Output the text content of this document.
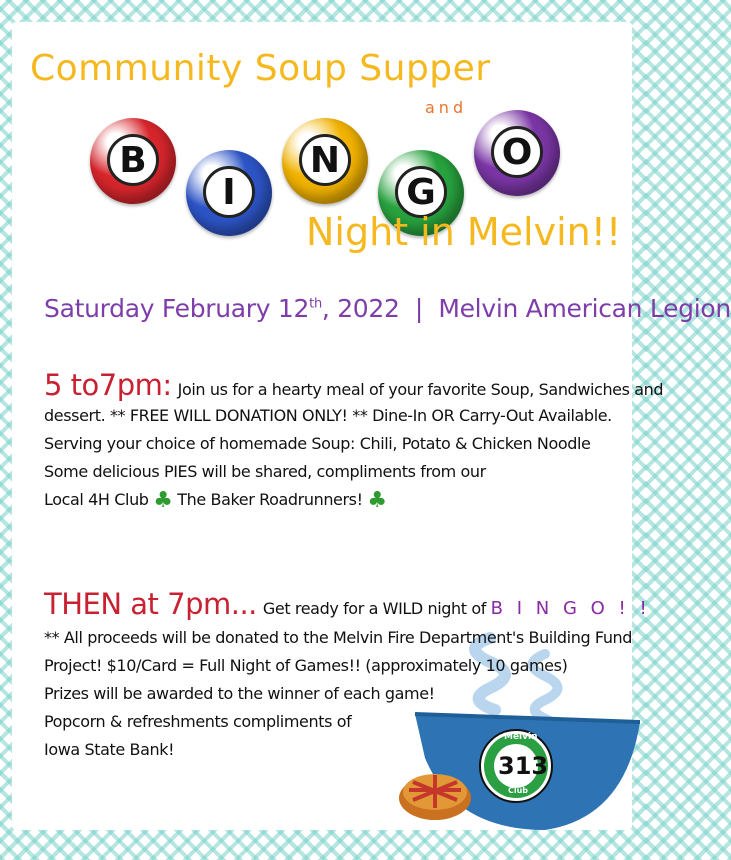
Community Soup Supper
and
B
I
N
G
O
Night in Melvin!!
Saturday February 12th, 2022  |  Melvin American Legion
5 to7pm: Join us for a hearty meal of your favorite Soup, Sandwiches and
dessert. ** FREE WILL DONATION ONLY! ** Dine-In OR Carry-Out Available.
Serving your choice of homemade Soup: Chili, Potato & Chicken Noodle
Some delicious PIES will be shared, compliments from our
Local 4H Club ♣ The Baker Roadrunners! ♣
Melvin
313
Club
THEN at 7pm... Get ready for a WILD night of B I N G O ! !
** All proceeds will be donated to the Melvin Fire Department's Building Fund
Project! $10/Card = Full Night of Games!! (approximately 10 games)
Prizes will be awarded to the winner of each game!
Popcorn & refreshments compliments of
Iowa State Bank!
